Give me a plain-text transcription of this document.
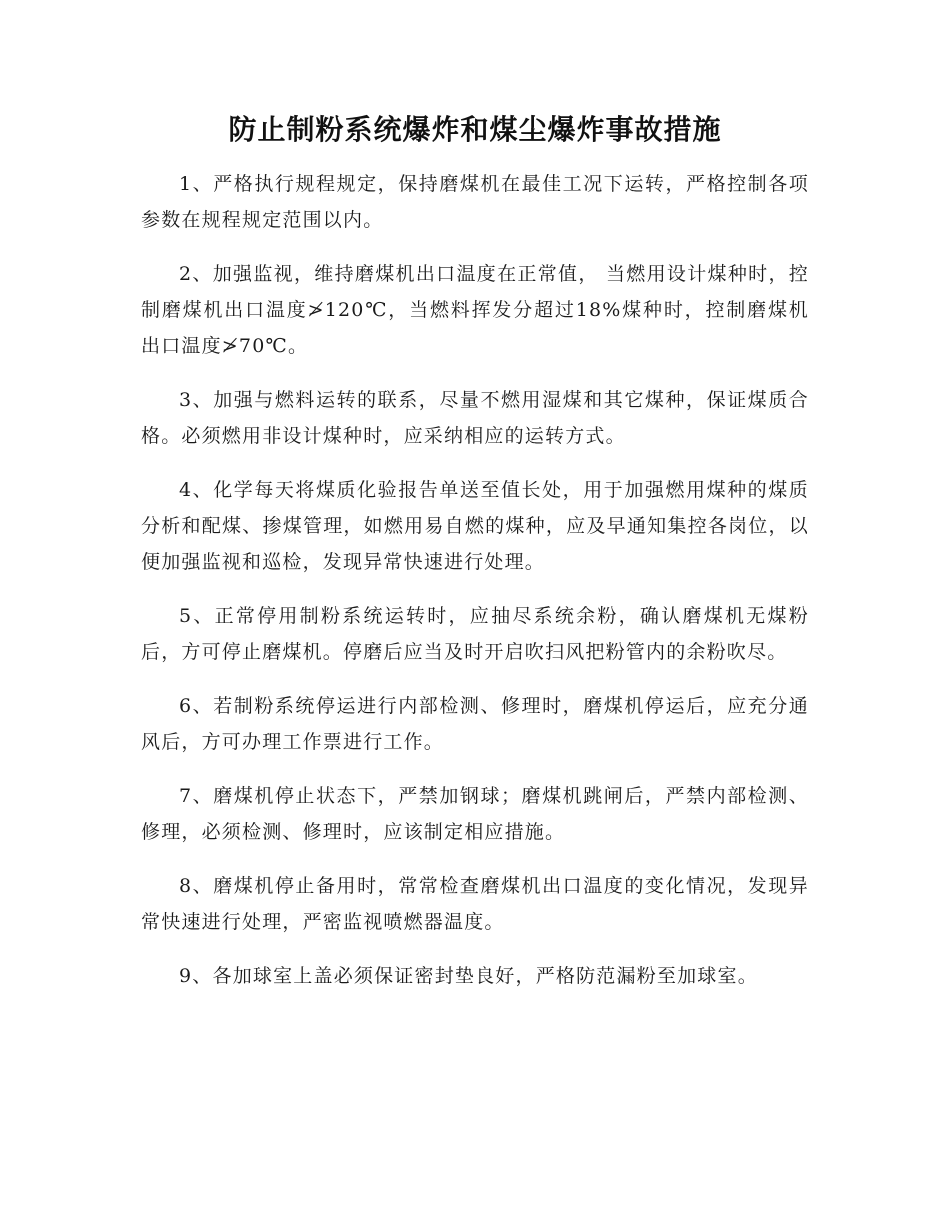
防止制粉系统爆炸和煤尘爆炸事故措施

1、严格执行规程规定，保持磨煤机在最佳工况下运转，严格控制各项参数在规程规定范围以内。

2、加强监视，维持磨煤机出口温度在正常值， 当燃用设计煤种时，控制磨煤机出口温度≯120℃，当燃料挥发分超过18%煤种时，控制磨煤机出口温度≯70℃。

3、加强与燃料运转的联系，尽量不燃用湿煤和其它煤种，保证煤质合格。必须燃用非设计煤种时，应采纳相应的运转方式。

4、化学每天将煤质化验报告单送至值长处，用于加强燃用煤种的煤质分析和配煤、掺煤管理，如燃用易自燃的煤种，应及早通知集控各岗位，以便加强监视和巡检，发现异常快速进行处理。

5、正常停用制粉系统运转时，应抽尽系统余粉，确认磨煤机无煤粉后，方可停止磨煤机。停磨后应当及时开启吹扫风把粉管内的余粉吹尽。

6、若制粉系统停运进行内部检测、修理时，磨煤机停运后，应充分通风后，方可办理工作票进行工作。

7、磨煤机停止状态下，严禁加钢球；磨煤机跳闸后，严禁内部检测、修理，必须检测、修理时，应该制定相应措施。

8、磨煤机停止备用时，常常检查磨煤机出口温度的变化情况，发现异常快速进行处理，严密监视喷燃器温度。

9、各加球室上盖必须保证密封垫良好，严格防范漏粉至加球室。
